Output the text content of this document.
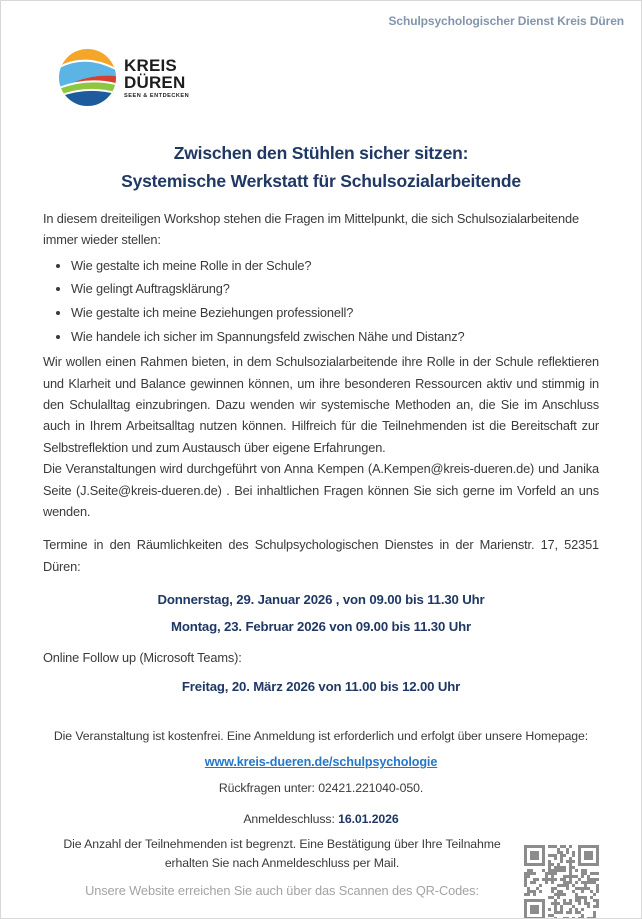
Schulpsychologischer Dienst Kreis Düren
KREIS
DÜREN
SEEN & ENTDECKEN
Zwischen den Stühlen sicher sitzen:
Systemische Werkstatt für Schulsozialarbeitende

In diesem dreiteiligen Workshop stehen die Fragen im Mittelpunkt, die sich Schulsozialarbeitende immer wieder stellen:

• Wie gestalte ich meine Rolle in der Schule?
• Wie gelingt Auftragsklärung?
• Wie gestalte ich meine Beziehungen professionell?
• Wie handele ich sicher im Spannungsfeld zwischen Nähe und Distanz?

Wir wollen einen Rahmen bieten, in dem Schulsozialarbeitende ihre Rolle in der Schule reflektieren und Klarheit und Balance gewinnen können, um ihre besonderen Ressourcen aktiv und stimmig in den Schulalltag einzubringen. Dazu wenden wir systemische Methoden an, die Sie im Anschluss auch in Ihrem Arbeitsalltag nutzen können. Hilfreich für die Teilnehmenden ist die Bereitschaft zur Selbstreflektion und zum Austausch über eigene Erfahrungen.

Die Veranstaltungen wird durchgeführt von Anna Kempen (A.Kempen@kreis-dueren.de) und Janika Seite (J.Seite@kreis-dueren.de) . Bei inhaltlichen Fragen können Sie sich gerne im Vorfeld an uns wenden.

Termine in den Räumlichkeiten des Schulpsychologischen Dienstes in der Marienstr. 17, 52351 Düren:

Donnerstag, 29. Januar 2026 , von 09.00 bis 11.30 Uhr
Montag, 23. Februar 2026 von 09.00 bis 11.30 Uhr
Online Follow up (Microsoft Teams):
Freitag, 20. März 2026 von 11.00 bis 12.00 Uhr
Die Veranstaltung ist kostenfrei. Eine Anmeldung ist erforderlich und erfolgt über unsere Homepage:
www.kreis-dueren.de/schulpsychologie
Rückfragen unter: 02421.221040-050.
Anmeldeschluss: 16.01.2026
Die Anzahl der Teilnehmenden ist begrenzt. Eine Bestätigung über Ihre Teilnahme erhalten Sie nach Anmeldeschluss per Mail.
Unsere Website erreichen Sie auch über das Scannen des QR-Codes:
